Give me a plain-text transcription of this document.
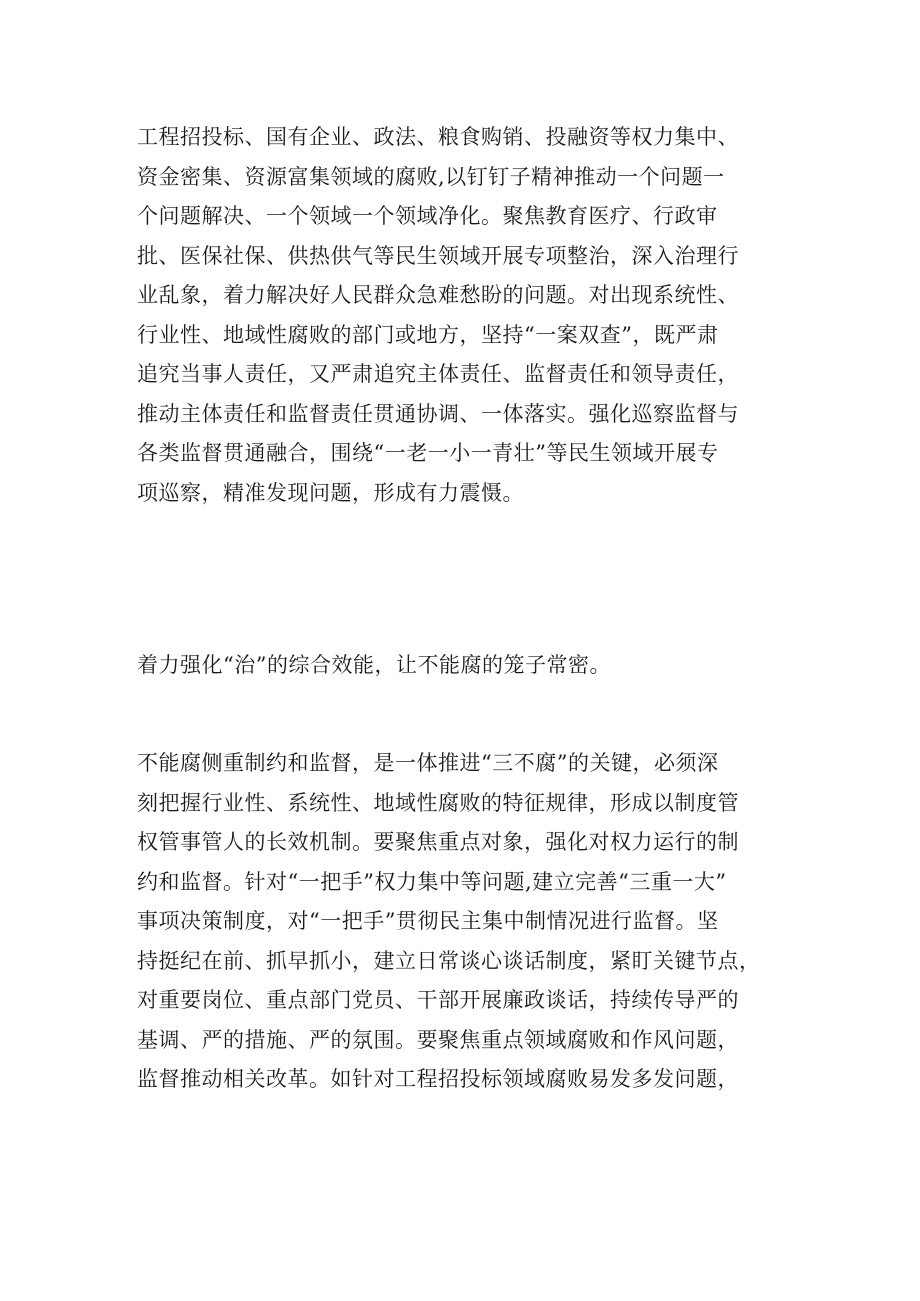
工程招投标、国有企业、政法、粮食购销、投融资等权力集中、
资金密集、资源富集领域的腐败,以钉钉子精神推动一个问题一
个问题解决、一个领域一个领域净化。聚焦教育医疗、行政审
批、医保社保、供热供气等民生领域开展专项整治，深入治理行
业乱象，着力解决好人民群众急难愁盼的问题。对出现系统性、
行业性、地域性腐败的部门或地方，坚持“一案双查”，既严肃
追究当事人责任，又严肃追究主体责任、监督责任和领导责任，
推动主体责任和监督责任贯通协调、一体落实。强化巡察监督与
各类监督贯通融合，围绕“一老一小一青壮”等民生领域开展专
项巡察，精准发现问题，形成有力震慑。
着力强化“治”的综合效能，让不能腐的笼子常密。
不能腐侧重制约和监督，是一体推进“三不腐”的关键，必须深
刻把握行业性、系统性、地域性腐败的特征规律，形成以制度管
权管事管人的长效机制。要聚焦重点对象，强化对权力运行的制
约和监督。针对“一把手”权力集中等问题,建立完善“三重一大”
事项决策制度，对“一把手”贯彻民主集中制情况进行监督。坚
持挺纪在前、抓早抓小，建立日常谈心谈话制度，紧盯关键节点，
对重要岗位、重点部门党员、干部开展廉政谈话，持续传导严的
基调、严的措施、严的氛围。要聚焦重点领域腐败和作风问题，
监督推动相关改革。如针对工程招投标领域腐败易发多发问题，
